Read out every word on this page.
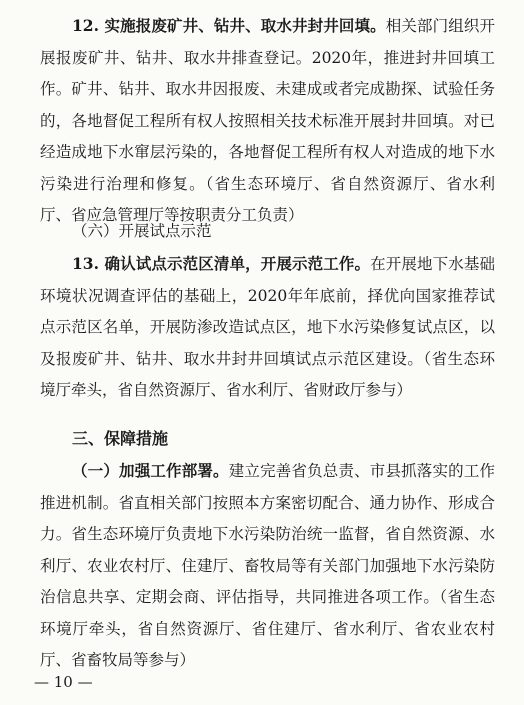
12. 实施报废矿井、钻井、取水井封井回填。相关部门组织开展报废矿井、钻井、取水井排查登记。2020年，推进封井回填工作。矿井、钻井、取水井因报废、未建成或者完成勘探、试验任务的，各地督促工程所有权人按照相关技术标准开展封井回填。对已经造成地下水窜层污染的，各地督促工程所有权人对造成的地下水污染进行治理和修复。（省生态环境厅、省自然资源厅、省水利厅、省应急管理厅等按职责分工负责）

（六）开展试点示范

13. 确认试点示范区清单，开展示范工作。在开展地下水基础环境状况调查评估的基础上，2020年年底前，择优向国家推荐试点示范区名单，开展防渗改造试点区，地下水污染修复试点区，以及报废矿井、钻井、取水井封井回填试点示范区建设。（省生态环境厅牵头，省自然资源厅、省水利厅、省财政厅参与）

三、保障措施

（一）加强工作部署。建立完善省负总责、市县抓落实的工作推进机制。省直相关部门按照本方案密切配合、通力协作、形成合力。省生态环境厅负责地下水污染防治统一监督，省自然资源、水利厅、农业农村厅、住建厅、畜牧局等有关部门加强地下水污染防治信息共享、定期会商、评估指导，共同推进各项工作。（省生态环境厅牵头，省自然资源厅、省住建厅、省水利厅、省农业农村厅、省畜牧局等参与）

— 10 —
